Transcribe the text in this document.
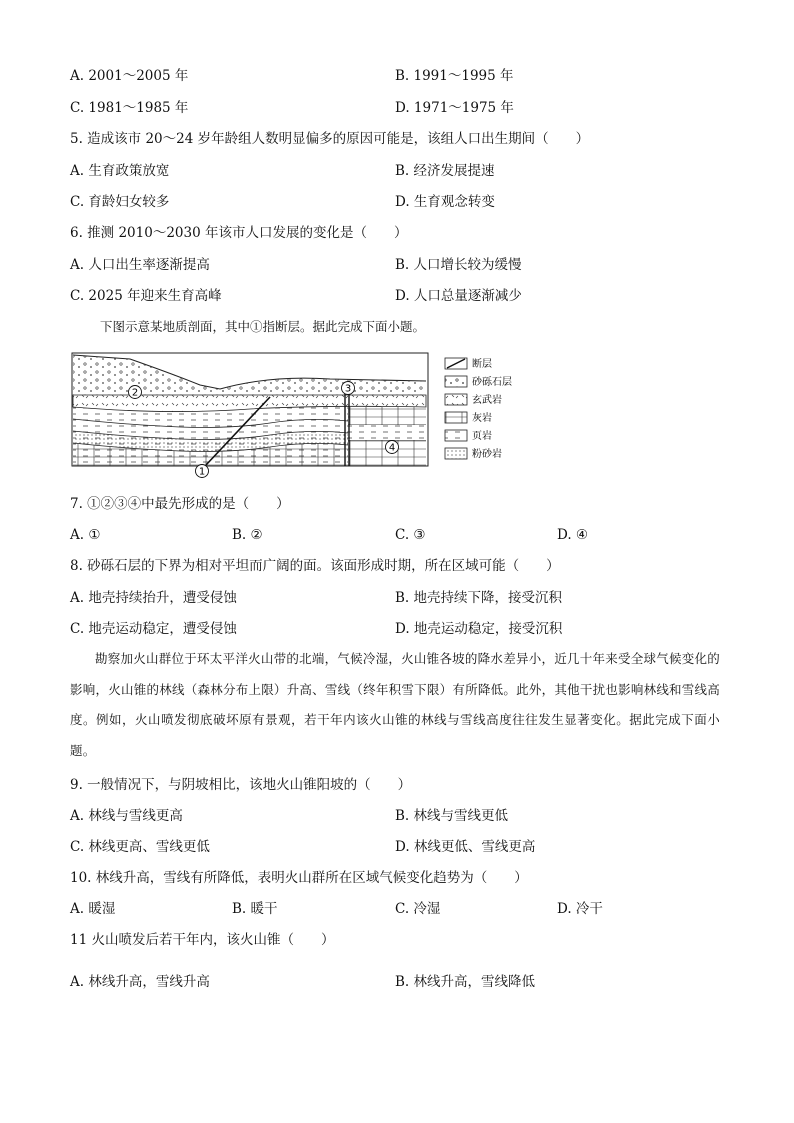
A. 2001～2005 年	B. 1991～1995 年
C. 1981～1985 年	D. 1971～1975 年
5. 造成该市 20～24 岁年龄组人数明显偏多的原因可能是，该组人口出生期间（　　）
A. 生育政策放宽	B. 经济发展提速
C. 育龄妇女较多	D. 生育观念转变
6. 推测 2010～2030 年该市人口发展的变化是（　　）
A. 人口出生率逐渐提高	B. 人口增长较为缓慢
C. 2025 年迎来生育高峰	D. 人口总量逐渐减少
下图示意某地质剖面，其中①指断层。据此完成下面小题。
1
2	3
4
断层
砂砾石层
玄武岩
灰岩
页岩
粉砂岩
7. ①②③④中最先形成的是（　　）
A. ①	B. ②	C. ③	D. ④
8. 砂砾石层的下界为相对平坦而广阔的面。该面形成时期，所在区域可能（　　）
A. 地壳持续抬升，遭受侵蚀	B. 地壳持续下降，接受沉积
C. 地壳运动稳定，遭受侵蚀	D. 地壳运动稳定，接受沉积
勘察加火山群位于环太平洋火山带的北端，气候冷湿，火山锥各坡的降水差异小，近几十年来受全球气候变化的影响，火山锥的林线（森林分布上限）升高、雪线（终年积雪下限）有所降低。此外，其他干扰也影响林线和雪线高度。例如，火山喷发彻底破坏原有景观，若干年内该火山锥的林线与雪线高度往往发生显著变化。据此完成下面小题。
9. 一般情况下，与阴坡相比，该地火山锥阳坡的（　　）
A. 林线与雪线更高	B. 林线与雪线更低
C. 林线更高、雪线更低	D. 林线更低、雪线更高
10. 林线升高，雪线有所降低，表明火山群所在区域气候变化趋势为（　　）
A. 暖湿	B. 暖干	C. 冷湿	D. 冷干
11 火山喷发后若干年内，该火山锥（　　）
A. 林线升高，雪线升高	B. 林线升高，雪线降低
